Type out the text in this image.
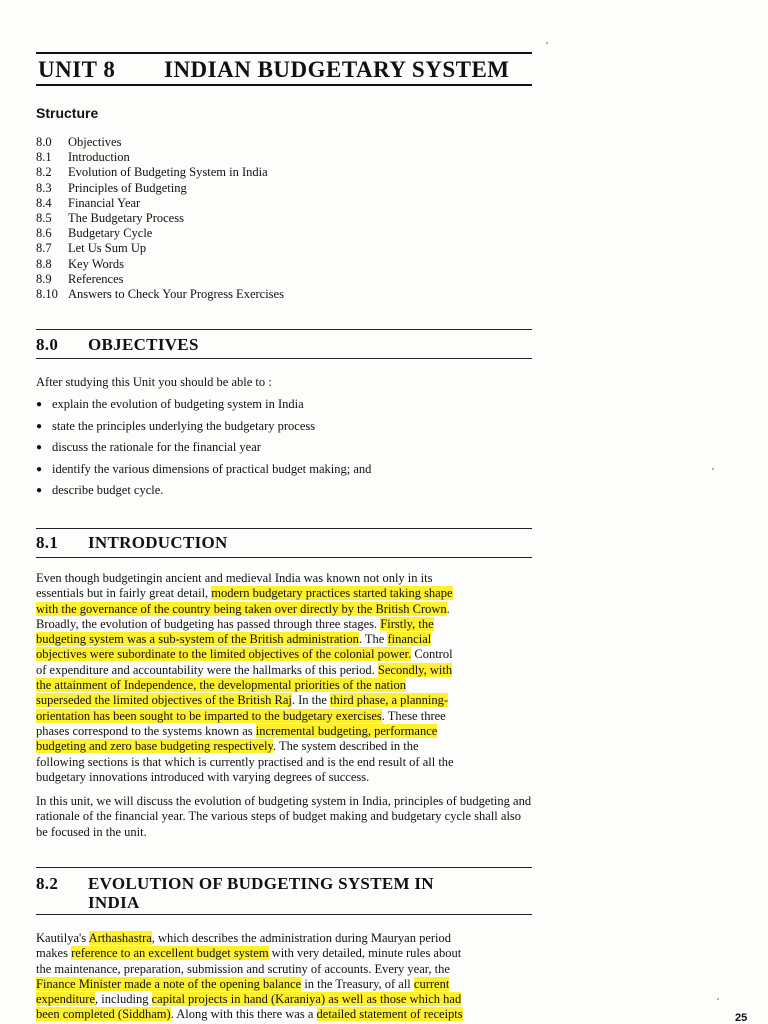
UNIT 8 INDIAN BUDGETARY SYSTEM
Structure
8.0 Objectives
8.1 Introduction
8.2 Evolution of Budgeting System in India
8.3 Principles of Budgeting
8.4 Financial Year
8.5 The Budgetary Process
8.6 Budgetary Cycle
8.7 Let Us Sum Up
8.8 Key Words
8.9 References
8.10 Answers to Check Your Progress Exercises
8.0 OBJECTIVES

After studying this Unit you should be able to :

● explain the evolution of budgeting system in India
● state the principles underlying the budgetary process
● discuss the rationale for the financial year
● identify the various dimensions of practical budget making; and
● describe budget cycle.
8.1 INTRODUCTION
Even though budgetingin ancient and medieval India was known not only in its
essentials but in fairly great detail, modern budgetary practices started taking shape
with the governance of the country being taken over directly by the British Crown.
Broadly, the evolution of budgeting has passed through three stages. Firstly, the
budgeting system was a sub-system of the British administration. The financial
objectives were subordinate to the limited objectives of the colonial power. Control
of expenditure and accountability were the hallmarks of this period. Secondly, with
the attainment of Independence, the developmental priorities of the nation
superseded the limited objectives of the British Raj. In the third phase, a planning-
orientation has been sought to be imparted to the budgetary exercises. These three
phases correspond to the systems known as incremental budgeting, performance
budgeting and zero base budgeting respectively. The system described in the
following sections is that which is currently practised and is the end result of all the
budgetary innovations introduced with varying degrees of success.

In this unit, we will discuss the evolution of budgeting system in India, principles of budgeting and rationale of the financial year. The various steps of budget making and budgetary cycle shall also be focused in the unit.

8.2 EVOLUTION OF BUDGETING SYSTEM IN
INDIA
Kautilya's Arthashastra, which describes the administration during Mauryan period
makes reference to an excellent budget system with very detailed, minute rules about
the maintenance, preparation, submission and scrutiny of accounts. Every year, the
Finance Minister made a note of the opening balance in the Treasury, of all current
expenditure, including capital projects in hand (Karaniya) as well as those which had
been completed (Siddham). Along with this there was a detailed statement of receipts	25
